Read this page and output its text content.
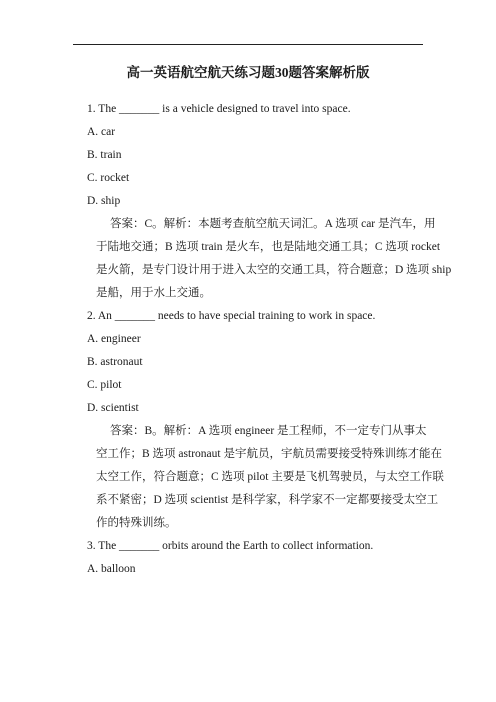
高一英语航空航天练习题30题答案解析版
1. The _______ is a vehicle designed to travel into space.
A. car
B. train
C. rocket
D. ship
答案：C。解析：本题考查航空航天词汇。A 选项 car 是汽车，用
于陆地交通；B 选项 train 是火车，也是陆地交通工具；C 选项 rocket
是火箭，是专门设计用于进入太空的交通工具，符合题意；D 选项 ship
是船，用于水上交通。
2. An _______ needs to have special training to work in space.
A. engineer
B. astronaut
C. pilot
D. scientist
答案：B。解析：A 选项 engineer 是工程师，不一定专门从事太
空工作；B 选项 astronaut 是宇航员，宇航员需要接受特殊训练才能在
太空工作，符合题意；C 选项 pilot 主要是飞机驾驶员，与太空工作联
系不紧密；D 选项 scientist 是科学家，科学家不一定都要接受太空工
作的特殊训练。
3. The _______ orbits around the Earth to collect information.
A. balloon
